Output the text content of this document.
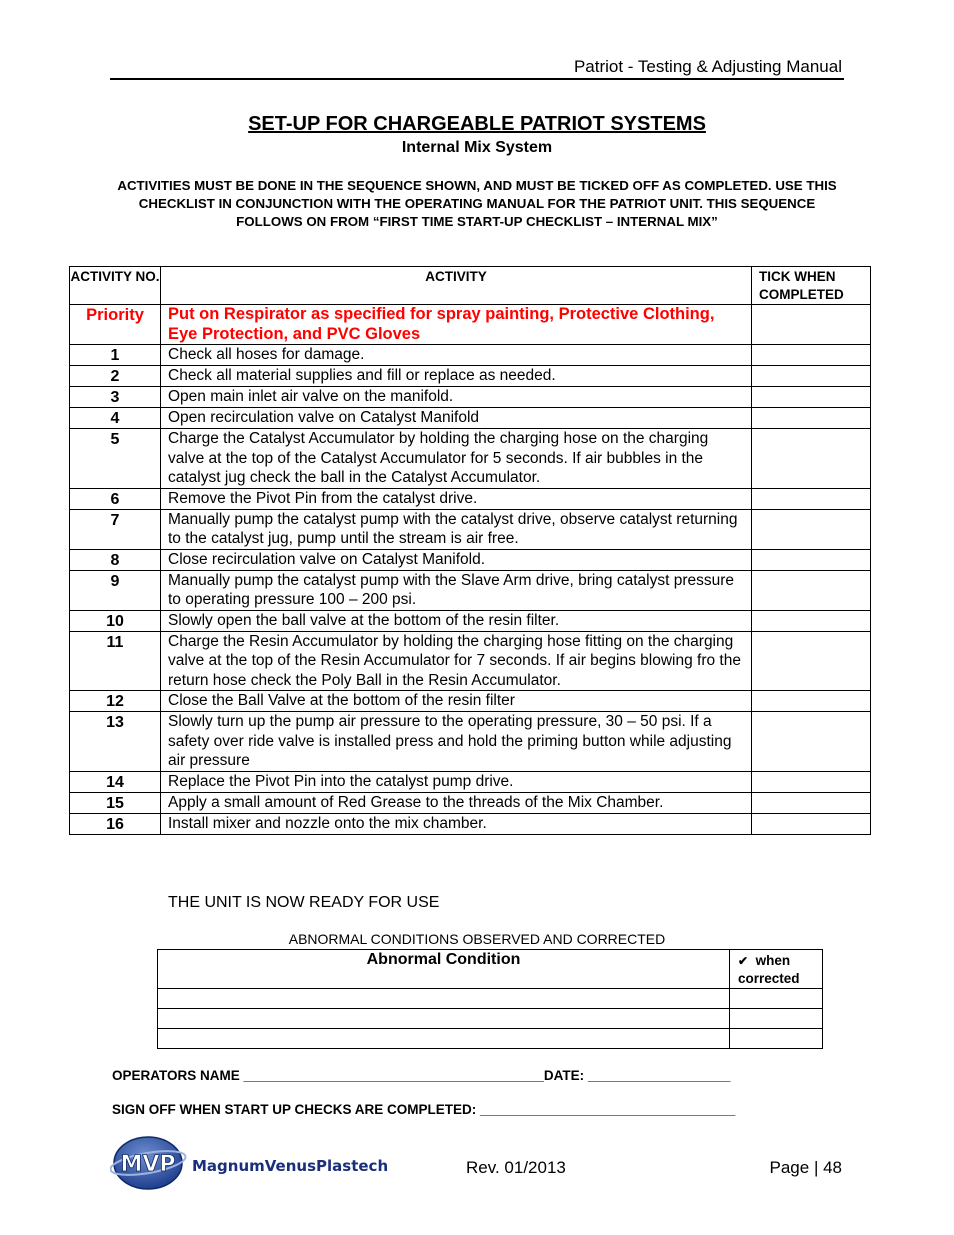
Patriot - Testing & Adjusting Manual
SET-UP FOR CHARGEABLE PATRIOT SYSTEMS
Internal Mix System
ACTIVITIES MUST BE DONE IN THE SEQUENCE SHOWN, AND MUST BE TICKED OFF AS COMPLETED. USE THIS CHECKLIST IN CONJUNCTION WITH THE OPERATING MANUAL FOR THE PATRIOT UNIT. THIS SEQUENCE FOLLOWS ON FROM “FIRST TIME START-UP CHECKLIST – INTERNAL MIX”
ACTIVITY NO.	ACTIVITY	TICK WHEN COMPLETED
Priority	Put on Respirator as specified for spray painting, Protective Clothing, Eye Protection, and PVC Gloves	
1	Check all hoses for damage.	
2	Check all material supplies and fill or replace as needed.	
3	Open main inlet air valve on the manifold.	
4	Open recirculation valve on Catalyst Manifold	
5	Charge the Catalyst Accumulator by holding the charging hose on the charging valve at the top of the Catalyst Accumulator for 5 seconds. If air bubbles in the catalyst jug check the ball in the Catalyst Accumulator.	
6	Remove the Pivot Pin from the catalyst drive.	
7	Manually pump the catalyst pump with the catalyst drive, observe catalyst returning to the catalyst jug, pump until the stream is air free.	
8	Close recirculation valve on Catalyst Manifold.	
9	Manually pump the catalyst pump with the Slave Arm drive, bring catalyst pressure to operating pressure 100 – 200 psi.	
10	Slowly open the ball valve at the bottom of the resin filter.	
11	Charge the Resin Accumulator by holding the charging hose fitting on the charging valve at the top of the Resin Accumulator for 7 seconds. If air begins blowing fro the return hose check the Poly Ball in the Resin Accumulator.	
12	Close the Ball Valve at the bottom of the resin filter	
13	Slowly turn up the pump air pressure to the operating pressure, 30 – 50 psi. If a safety over ride valve is installed press and hold the priming button while adjusting air pressure	
14	Replace the Pivot Pin into the catalyst pump drive.	
15	Apply a small amount of Red Grease to the threads of the Mix Chamber.	
16	Install mixer and nozzle onto the mix chamber.	
THE UNIT IS NOW READY FOR USE
ABNORMAL CONDITIONS OBSERVED AND CORRECTED
Abnormal Condition	✔ when corrected

OPERATORS NAME ________________________________________DATE: ___________________
SIGN OFF WHEN START UP CHECKS ARE COMPLETED: __________________________________
MVP MagnumVenusPlastech	Rev. 01/2013	Page | 48
